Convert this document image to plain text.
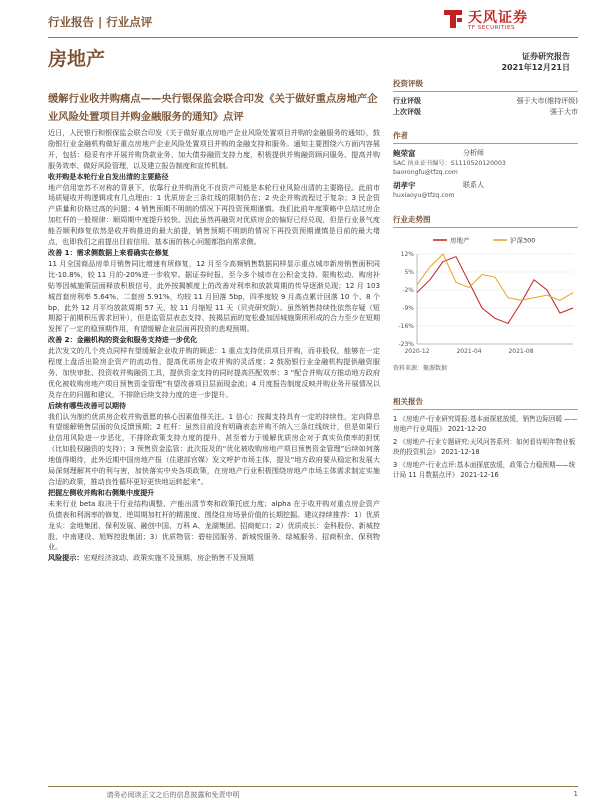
行业报告 | 行业点评	天风证券
TF SECURITIES
房地产	证券研究报告
2021年12月21日
缓解行业收并购痛点——央行银保监会联合印发《关于做好重点房地产企业风险处置项目并购金融服务的通知》点评

近日，人民银行和银保监会联合印发《关于做好重点房地产企业风险处置项目并购的金融服务的通知》，鼓励银行业金融机构做好重点房地产企业风险处置项目并购的金融支持和服务。通知主要围绕六方面内容展开，包括：稳妥有序开展并购贷款业务、加大债券融资支持力度、积极提供并购融资顾问服务、提高并购服务效率、做好风险管理，以及建立报告制度和宣传机制。

收并购是本轮行业自发出清的主要路径

地产信用宽苏不对称的背景下，依靠行业并购消化不良资产可能是本轮行业风险出清的主要路径。此前市场质疑收并购逻辑或有几点理由：1 优质房企三条红线的限制仍在；2 央企并购流程过于复杂；3 民企资产质量和价格过高的问题；4 销售预期不明朗的情况下再投资预期谨慎。我们此前年度策略中总结过房企加杠杆的一般规律：顺周期中度提升较快。因此虽然再融资对优质房企的偏好已经兑现，但是行业景气度能否顺利修复依然是收并购推进的最大前提，销售预期不明朗的情况下再投资预期谨慎是目前的最大堵点，也即我们之前提出目前信用、基本面的核心问题都指向需求侧。

改善 1：需求侧数据上来看确实在修复

11 月全国商品房单月销售同比增速有所修复，12 月至今高频销售数据同样显示重点城市新房销售面积同比-10.8%，较 11 月的-20%进一步收窄。据证券时报，至今多个城市在公积金支持、限购松动、购房补贴等因城施策层面释放积极信号，此外按揭额度上的改善对利率和放款周期的传导逐渐兑现；12 月 103 城首套房利率 5.64%、二套房 5.91%，均较 11 月回落 5bp，四季度较 9 月高点累计回落 10 个、8 个 bp，此外 12 月平均放款周期 57 天，较 11 月缩短 11 天（贝壳研究院）。虽然销售持续性依然存疑（短期源于前期积压需求回补），但是监管层表态支持、按揭层面的宽松叠加因城施策所形成的合力至少在短期发挥了一定的稳预期作用，有望缓解企业层面再投资的悲观预期。

改善 2：金融机构的资金和服务支持进一步优化

此次发文的几个亮点同样有望缓解企业收并购的顾虑：1 重点支持优质项目并购，而非股权，能够在一定程度上盘活出险房企资产的流动性，提高优质房企收并购的灵活度；2 鼓励银行业金融机构提供融资服务、加快审批、投资收并购融资工具，提供资金支持的同时提高匹配效率；3 “配合并购双方推动地方政府优化被收购房地产项目预售资金管理”有望改善项目层面现金流；4 月度报告制度反映并购业务开展情况以及存在的问题和建议，不排除后续支持力度的进一步提升。

后续有哪些改善可以期待

我们认为制约优质房企收并购意愿的核心因素值得关注。1 信心：按揭支持具有一定的持续性，定向降息有望缓解销售层面的负反馈预期；2 杠杆：虽然目前没有明确表态并购不纳入三条红线统计，但是如果行业信用风险进一步恶化，不排除政策支持力度的提升，甚至着力于缓解优质房企对于真实负债率的担忧（比如股权融资的支持）；3 预售资金监管：此次报及的“优化被收购房地产项目预售资金管理”后续如何落地值得期待，此外近期中国房地产报（住建部官媒）发文呼护市场主体，提及“地方政府要从稳定和发展大局深刻理解其中的利与害，加快落实中央各项政策，在房地产行业积极围绕房地产市场主体需求制定实施合适的政策，推动良性循环更好更快地运转起来”。

把握左侧收并购和右侧集中度提升

未来行业 beta 取决于行业结构调整、产能出清节奏和政策托底力度；alpha 在于收并购对重点房企资产负债表和利润率的修复、逆周期加杠杆的精准度、围绕住房场景价值的长期挖掘。建议持续推荐：1）优质龙头：金地集团、保利发展、融创中国、万科 A、龙湖集团、招商蛇口；2）优质成长：金科股份、新城控股、中南建设、旭辉控股集团；3）优质物管：碧桂园服务、新城悦服务、绿城服务、招商积余、保利物业。

风险提示：宏观经济波动、政策实施不及预期、房企销售不及预期

投资评级
行业评级	强于大市(维持评级)
上次评级	强于大市
作者
鲍荣富	分析师
SAC 执业证书编号：S1110520120003
baorongfu@tfzq.com
胡孝宇	联系人
huxiaoyu@tfzq.com
行业走势图
12%
5%
-2%
-9%
-16%
-23%
2020-12	2021-04	2021-08
房地产	沪深300
资料来源：聚源数据
相关报告
1 《房地产-行业研究周报:基本面探底放缓，销售边际回暖 ——房地产行业周报》 2021-12-20
2 《房地产-行业专题研究:天风问答系列：如何看待明年物业板块的投资机会》 2021-12-18
3 《房地产-行业点评:基本面探底放缓，政策合力稳预期——统计局 11 月数据点评》 2021-12-16
请务必阅读正文之后的信息披露和免责申明	1
